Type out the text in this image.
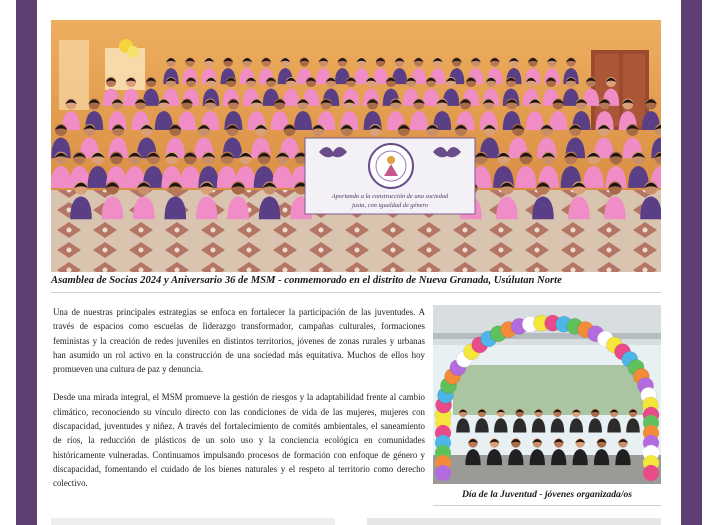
Aportando a la construcción de una sociedad
justa, con igualdad de género
Asamblea de Socias 2024 y Aniversario 36 de MSM - conmemorado en el distrito de Nueva Granada, Usúlutan Norte

Una de nuestras principales estrategias se enfoca en fortalecer la participación de las juventudes. A través de espacios como escuelas de liderazgo transformador, campañas culturales, formaciones feministas y la creación de redes juveniles en distintos territorios, jóvenes de zonas rurales y urbanas han asumido un rol activo en la construcción de una sociedad más equitativa. Muchos de ellos hoy promueven una cultura de paz y denuncia.

Desde una mirada integral, el MSM promueve la gestión de riesgos y la adaptabilidad frente al cambio climático, reconociendo su vínculo directo con las condiciones de vida de las mujeres, mujeres con discapacidad, juventudes y niñez. A través del fortalecimiento de comités ambientales, el saneamiento de ríos, la reducción de plásticos de un solo uso y la conciencia ecológica en comunidades históricamente vulneradas. Continuamos impulsando procesos de formación con enfoque de género y discapacidad, fomentando el cuidado de los bienes naturales y el respeto al territorio como derecho colectivo.

Día de la Juventud - jóvenes organizada/os
